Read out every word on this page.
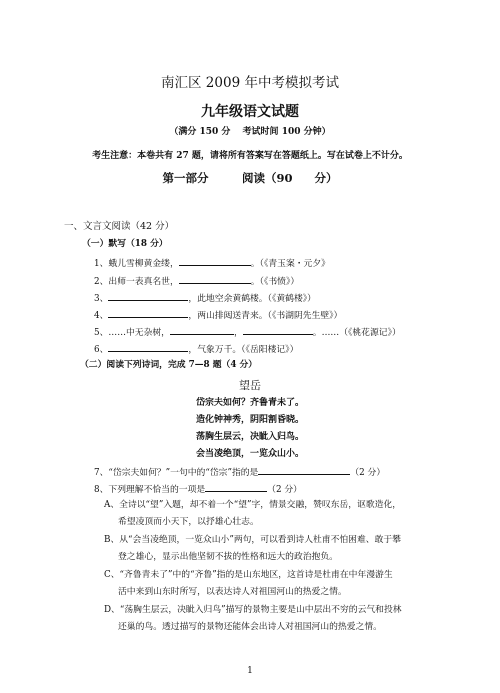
南汇区 2009 年中考模拟考试
九年级语文试题
（满分 150 分　 考试时间 100 分钟）
考生注意：本卷共有 27 题，请将所有答案写在答题纸上。写在试卷上不计分。
第一部分　 阅读（90 分）
一、文言文阅读（42 分）
（一）默写（18 分）
1、蛾儿雪柳黄金缕，	。（《青玉案・元夕》
2、出师一表真名世，	。（《书愤》）
3、	，此地空余黄鹤楼。（《黄鹤楼》）
4、	，两山排闼送青来。（《书湖阴先生壁》）
5、……中无杂树，	，	。……（《桃花源记》）
6、	，气象万千。（《岳阳楼记》）
（二）阅读下列诗词，完成 7—8 题（4 分）
望岳
岱宗夫如何？齐鲁青未了。
造化钟神秀，阴阳割昏晓。
荡胸生层云，决眦入归鸟。
会当凌绝顶，一览众山小。
7、“岱宗夫如何？”一句中的“岱宗”指的是	（2 分）
8、下列理解不恰当的一项是	（2 分）
A、全诗以“望”入题，却不着一个“望”字，情景交融，赞叹东岳，讴歌造化，
希望凌顶而小天下，以抒雄心壮志。
B、从“会当凌绝顶，一览众山小”两句，可以看到诗人杜甫不怕困难、敢于攀
登之雄心，显示出他坚韧不拔的性格和远大的政治抱负。
C、“齐鲁青未了”中的“齐鲁”指的是山东地区，这首诗是杜甫在中年漫游生
活中来到山东时所写，以表达诗人对祖国河山的热爱之情。
D、“荡胸生层云，决眦入归鸟”描写的景物主要是山中层出不穷的云气和投林
还巢的鸟。透过描写的景物还能体会出诗人对祖国河山的热爱之情。
1
